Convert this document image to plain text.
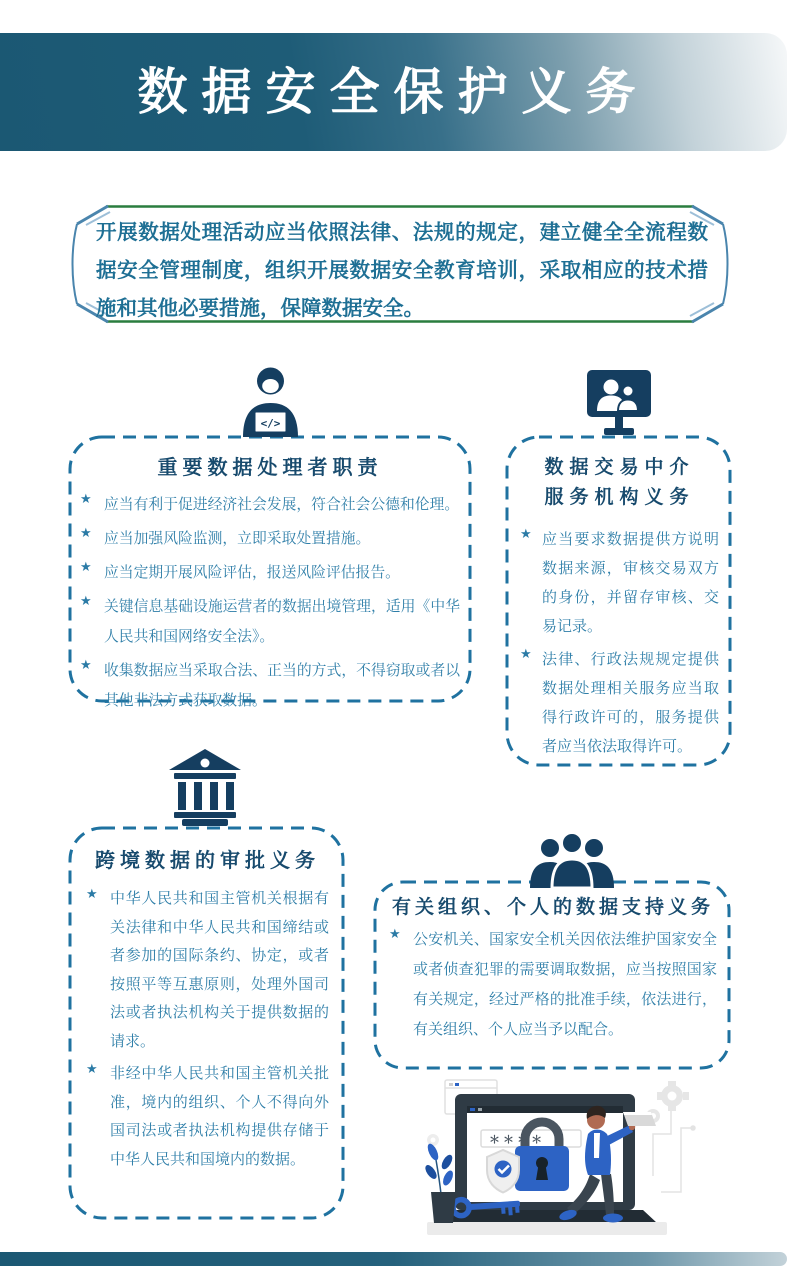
数据安全保护义务
开展数据处理活动应当依照法律、法规的规定，建立健全全流程数据安全管理制度，组织开展数据安全教育培训，采取相应的技术措施和其他必要措施，保障数据安全。
</>
重要数据处理者职责
★ 应当有利于促进经济社会发展，符合社会公德和伦理。
★ 应当加强风险监测，立即采取处置措施。
★ 应当定期开展风险评估，报送风险评估报告。
★ 关键信息基础设施运营者的数据出境管理，适用《中华人民共和国网络安全法》。
★ 收集数据应当采取合法、正当的方式，不得窃取或者以其他非法方式获取数据。
数据交易中介
服务机构义务
★ 应当要求数据提供方说明数据来源，审核交易双方的身份，并留存审核、交易记录。
★ 法律、行政法规规定提供数据处理相关服务应当取得行政许可的，服务提供者应当依法取得许可。
跨境数据的审批义务
★ 中华人民共和国主管机关根据有关法律和中华人民共和国缔结或者参加的国际条约、协定，或者按照平等互惠原则，处理外国司法或者执法机构关于提供数据的请求。
★ 非经中华人民共和国主管机关批准，境内的组织、个人不得向外国司法或者执法机构提供存储于中华人民共和国境内的数据。
有关组织、个人的数据支持义务
★ 公安机关、国家安全机关因依法维护国家安全或者侦查犯罪的需要调取数据，应当按照国家有关规定，经过严格的批准手续，依法进行，有关组织、个人应当予以配合。
＊ ＊ ＊ ＊
